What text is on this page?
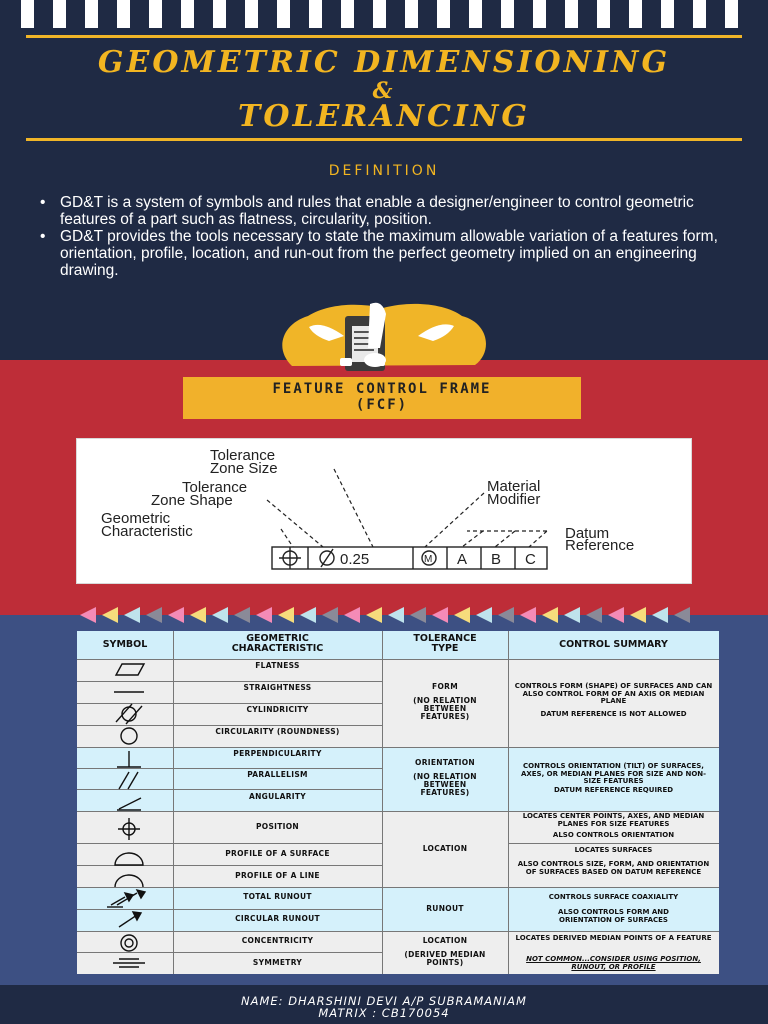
GEOMETRIC DIMENSIONING
&
TOLERANCING
DEFINITION
• GD&T is a system of symbols and rules that enable a designer/engineer to control geometric features of a part such as flatness, circularity, position.
• GD&T provides the tools necessary to state the maximum allowable variation of a features form, orientation, profile, location, and run-out from the perfect geometry implied on an engineering drawing.
FEATURE CONTROL FRAME
(FCF)
Tolerance
Zone Size
Tolerance
Zone Shape
Geometric
Characteristic
Material
Modifier
Datum
Reference
0.25	M A B C
SYMBOL
GEOMETRIC CHARACTERISTIC
TOLERANCE TYPE	CONTROL SUMMARY
FLATNESS
STRAIGHTNESS
CYLINDRICITY
CIRCULARITY (ROUNDNESS)
PERPENDICULARITY
PARALLELISM
ANGULARITY
POSITION
PROFILE OF A SURFACE
PROFILE OF A LINE
TOTAL RUNOUT
CIRCULAR RUNOUT
CONCENTRICITY
SYMMETRY
FORM
(NO RELATION BETWEEN FEATURES)
ORIENTATION
(NO RELATION BETWEEN FEATURES)
LOCATION
RUNOUT
LOCATION
(DERIVED MEDIAN POINTS)
CONTROLS FORM (SHAPE) OF SURFACES AND CAN ALSO CONTROL FORM OF AN AXIS OR MEDIAN PLANE
DATUM REFERENCE IS NOT ALLOWED
CONTROLS ORIENTATION (TILT) OF SURFACES, AXES, OR MEDIAN PLANES FOR SIZE AND NON-SIZE FEATURES
DATUM REFERENCE REQUIRED
LOCATES CENTER POINTS, AXES, AND MEDIAN PLANES FOR SIZE FEATURES
ALSO CONTROLS ORIENTATION
LOCATES SURFACES
ALSO CONTROLS SIZE, FORM, AND ORIENTATION OF SURFACES BASED ON DATUM REFERENCE
CONTROLS SURFACE COAXIALITY
ALSO CONTROLS FORM AND ORIENTATION OF SURFACES
LOCATES DERIVED MEDIAN POINTS OF A FEATURE
NOT COMMON...CONSIDER USING POSITION, RUNOUT, OR PROFILE
NAME: DHARSHINI DEVI A/P SUBRAMANIAM
MATRIX : CB170054
